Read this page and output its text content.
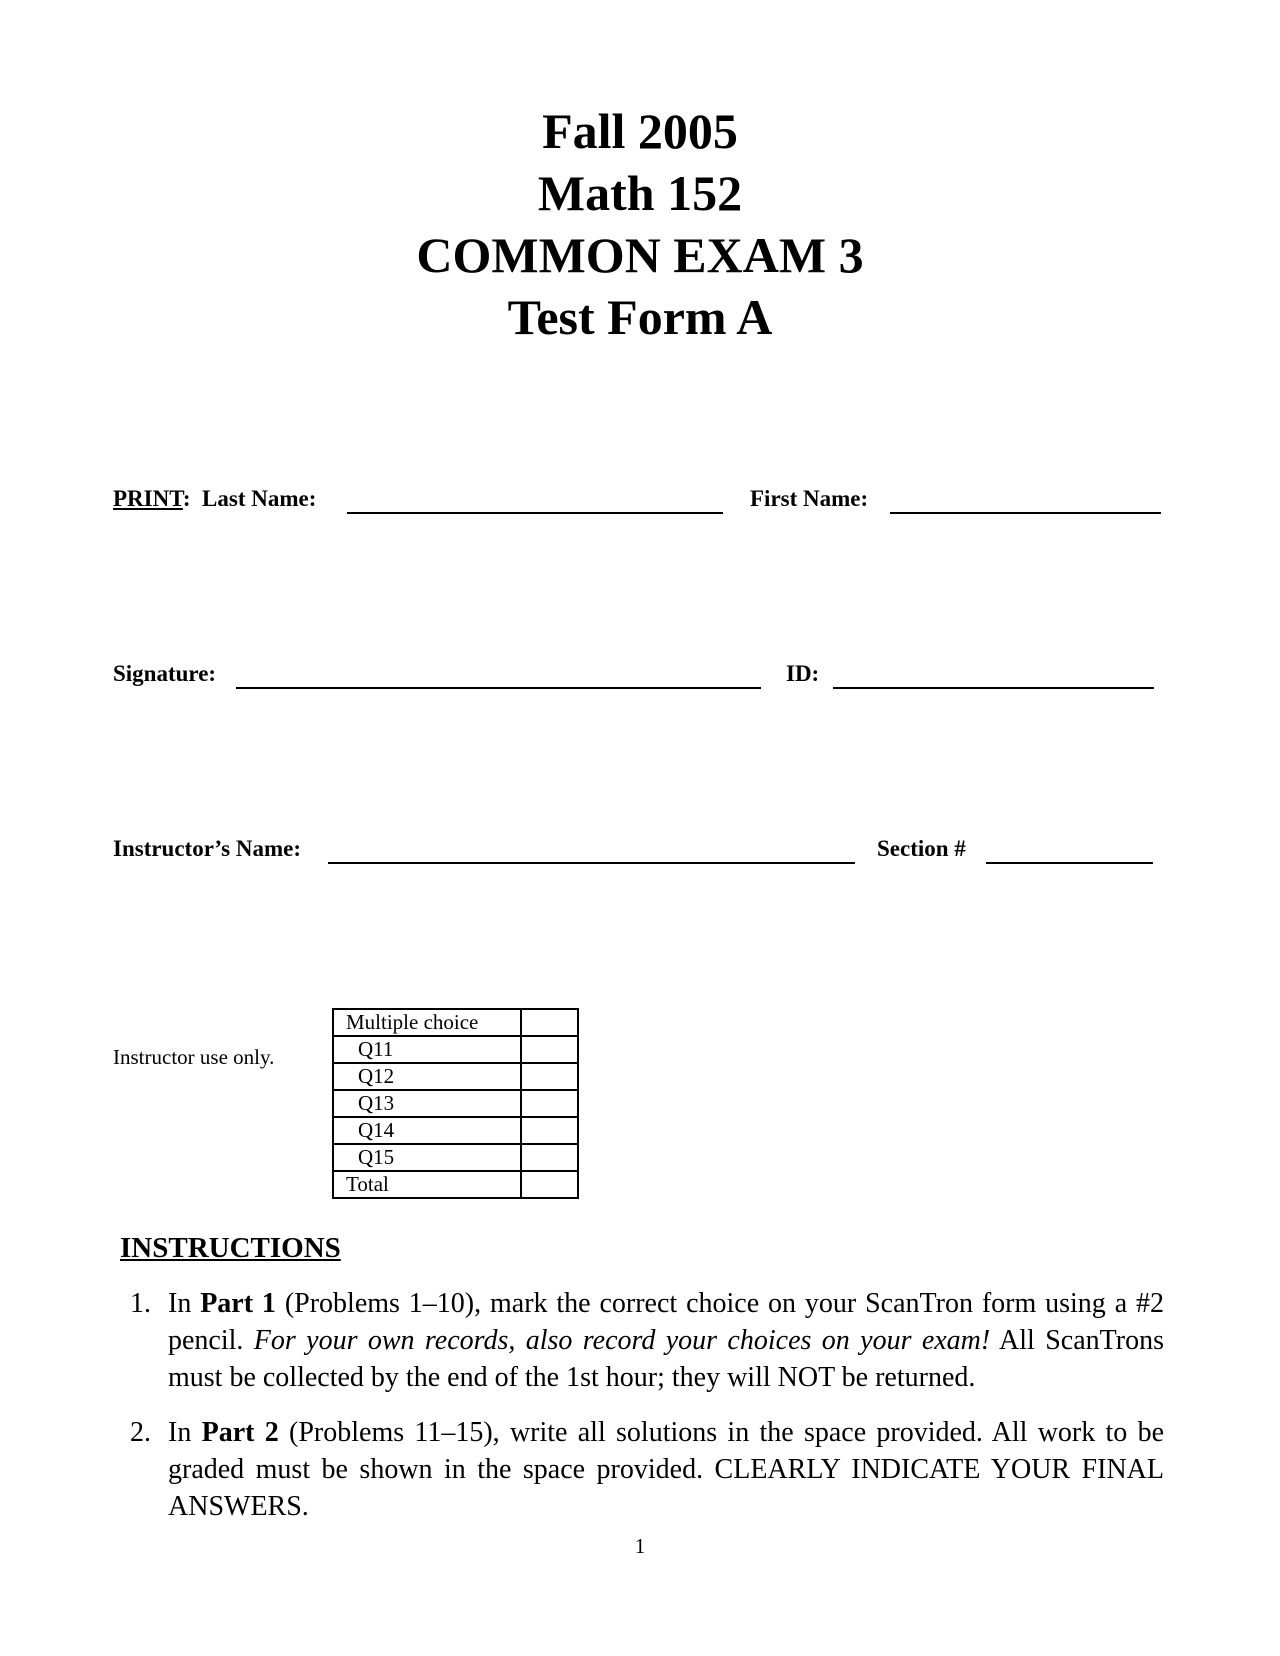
Fall 2005
Math 152
COMMON EXAM 3
Test Form A
PRINT: Last Name:	First Name:
Signature:	ID:
Instructor’s Name:	Section #
Instructor use only.
Multiple choice	
Q11	
Q12	
Q13	
Q14	
Q15	
Total	
INSTRUCTIONS
1. In Part 1 (Problems 1–10), mark the correct choice on your ScanTron form using a #2 pencil. For your own records, also record your choices on your exam! All ScanTrons must be collected by the end of the 1st hour; they will NOT be returned.
2. In Part 2 (Problems 11–15), write all solutions in the space provided. All work to be graded must be shown in the space provided. CLEARLY INDICATE YOUR FINAL ANSWERS.
1
